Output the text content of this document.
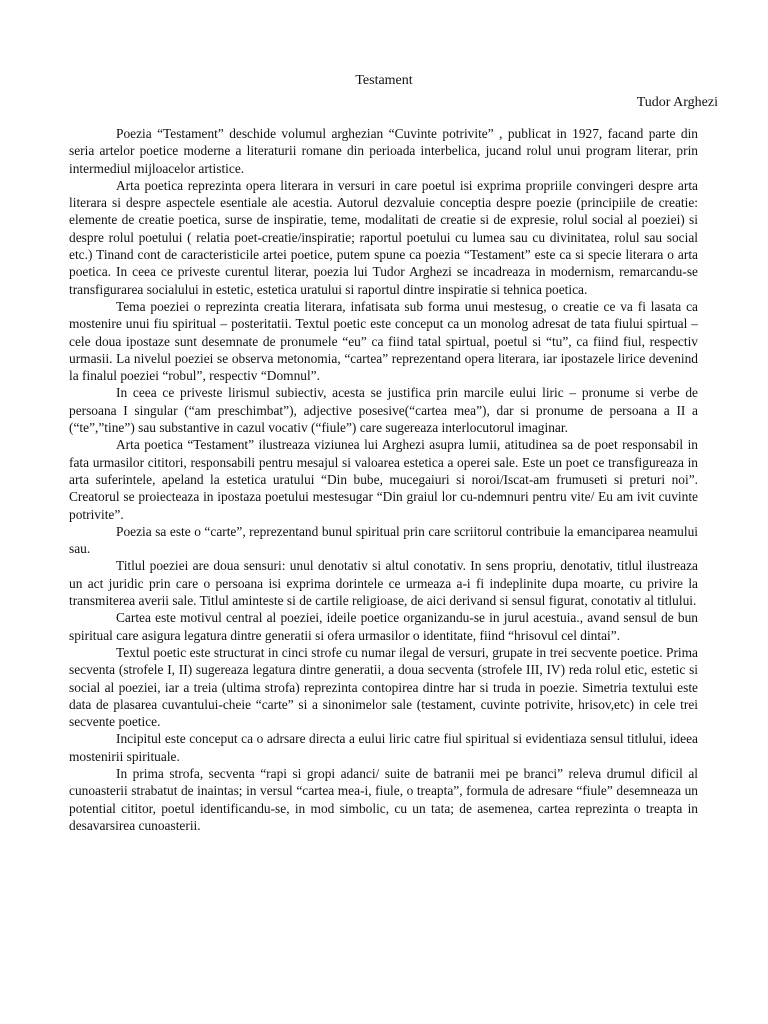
Testament
Tudor Arghezi

Poezia “Testament” deschide volumul arghezian “Cuvinte potrivite” , publicat in 1927, facand parte din seria artelor poetice moderne a literaturii romane din perioada interbelica, jucand rolul unui program literar, prin intermediul mijloacelor artistice.

Arta poetica reprezinta opera literara in versuri in care poetul isi exprima propriile convingeri despre arta literara si despre aspectele esentiale ale acestia. Autorul dezvaluie conceptia despre poezie (principiile de creatie: elemente de creatie poetica, surse de inspiratie, teme, modalitati de creatie si de expresie, rolul social al poeziei) si despre rolul poetului ( relatia poet-creatie/inspiratie; raportul poetului cu lumea sau cu divinitatea, rolul sau social etc.) Tinand cont de caracteristicile artei poetice, putem spune ca poezia “Testament” este ca si specie literara o arta poetica. In ceea ce priveste curentul literar, poezia lui Tudor Arghezi se incadreaza in modernism, remarcandu-se transfigurarea socialului in estetic, estetica uratului si raportul dintre inspiratie si tehnica poetica.

Tema poeziei o reprezinta creatia literara, infatisata sub forma unui mestesug, o creatie ce va fi lasata ca mostenire unui fiu spiritual – posteritatii. Textul poetic este conceput ca un monolog adresat de tata fiului spirtual – cele doua ipostaze sunt desemnate de pronumele “eu” ca fiind tatal spirtual, poetul si “tu”, ca fiind fiul, respectiv urmasii. La nivelul poeziei se observa metonomia, “cartea” reprezentand opera literara, iar ipostazele lirice devenind la finalul poeziei “robul”, respectiv “Domnul”.

In ceea ce priveste lirismul subiectiv, acesta se justifica prin marcile eului liric – pronume si verbe de persoana I singular (“am preschimbat”), adjective posesive(“cartea mea”), dar si pronume de persoana a II a (“te”,”tine”) sau substantive in cazul vocativ (“fiule”) care sugereaza interlocutorul imaginar.

Arta poetica “Testament” ilustreaza viziunea lui Arghezi asupra lumii, atitudinea sa de poet responsabil in fata urmasilor cititori, responsabili pentru mesajul si valoarea estetica a operei sale. Este un poet ce transfigureaza in arta suferintele, apeland la estetica uratului “Din bube, mucegaiuri si noroi/Iscat-am frumuseti si preturi noi”. Creatorul se proiecteaza in ipostaza poetului mestesugar “Din graiul lor cu-ndemnuri pentru vite/ Eu am ivit cuvinte potrivite”.

Poezia sa este o “carte”, reprezentand bunul spiritual prin care scriitorul contribuie la emanciparea neamului sau.

Titlul poeziei are doua sensuri: unul denotativ si altul conotativ. In sens propriu, denotativ, titlul ilustreaza un act juridic prin care o persoana isi exprima dorintele ce urmeaza a-i fi indeplinite dupa moarte, cu privire la transmiterea averii sale. Titlul aminteste si de cartile religioase, de aici derivand si sensul figurat, conotativ al titlului.

Cartea este motivul central al poeziei, ideile poetice organizandu-se in jurul acestuia., avand sensul de bun spiritual care asigura legatura dintre generatii si ofera urmasilor o identitate, fiind “hrisovul cel dintai”.

Textul poetic este structurat in cinci strofe cu numar ilegal de versuri, grupate in trei secvente poetice. Prima secventa (strofele I, II) sugereaza legatura dintre generatii, a doua secventa (strofele III, IV) reda rolul etic, estetic si social al poeziei, iar a treia (ultima strofa) reprezinta contopirea dintre har si truda in poezie. Simetria textului este data de plasarea cuvantului-cheie “carte” si a sinonimelor sale (testament, cuvinte potrivite, hrisov,etc) in cele trei secvente poetice.

Incipitul este conceput ca o adrsare directa a eului liric catre fiul spiritual si evidentiaza sensul titlului, ideea mostenirii spirituale.

In prima strofa, secventa “rapi si gropi adanci/ suite de batranii mei pe branci” releva drumul dificil al cunoasterii strabatut de inaintas; in versul “cartea mea-i, fiule, o treapta”, formula de adresare “fiule” desemneaza un potential cititor, poetul identificandu-se, in mod simbolic, cu un tata; de asemenea, cartea reprezinta o treapta in desavarsirea cunoasterii.
